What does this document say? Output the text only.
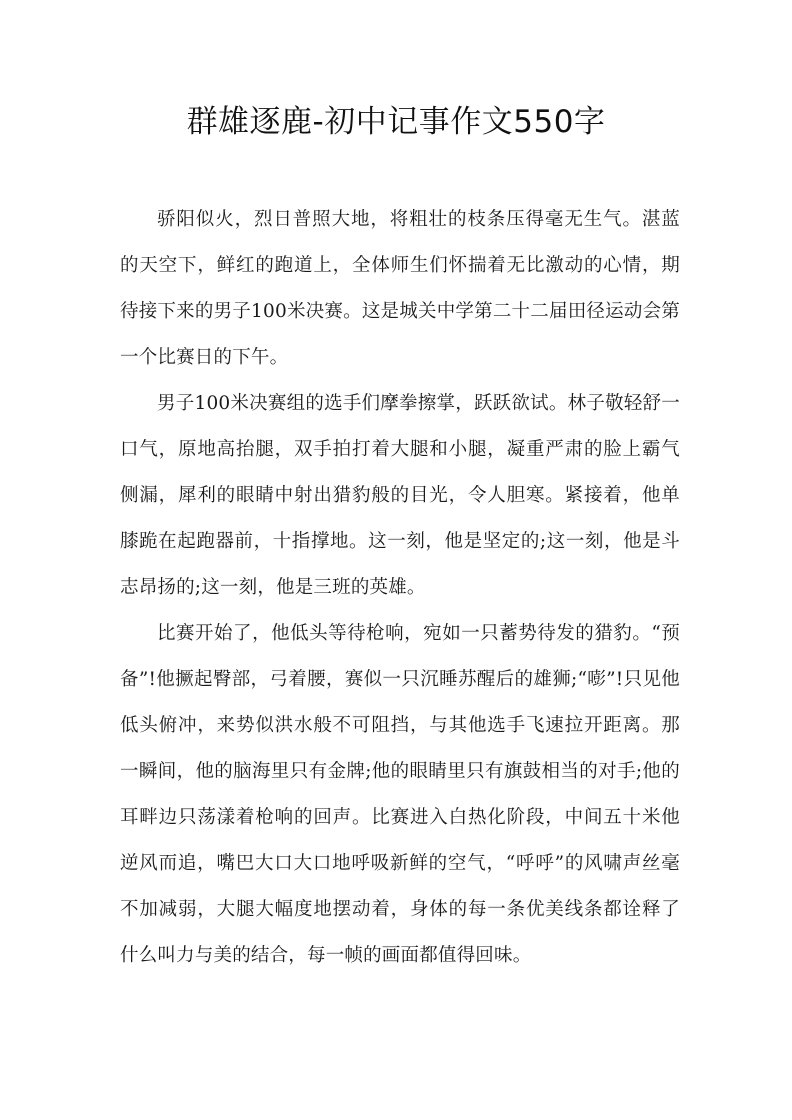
群雄逐鹿-初中记事作文550字

骄阳似火，烈日普照大地，将粗壮的枝条压得毫无生气。湛蓝的天空下，鲜红的跑道上，全体师生们怀揣着无比激动的心情，期待接下来的男子100米决赛。这是城关中学第二十二届田径运动会第一个比赛日的下午。

男子100米决赛组的选手们摩拳擦掌，跃跃欲试。林子敬轻舒一口气，原地高抬腿，双手拍打着大腿和小腿，凝重严肃的脸上霸气侧漏，犀利的眼睛中射出猎豹般的目光，令人胆寒。紧接着，他单膝跪在起跑器前，十指撑地。这一刻，他是坚定的;这一刻，他是斗志昂扬的;这一刻，他是三班的英雄。

比赛开始了，他低头等待枪响，宛如一只蓄势待发的猎豹。“预备”!他撅起臀部，弓着腰，赛似一只沉睡苏醒后的雄狮;“嘭”!只见他低头俯冲，来势似洪水般不可阻挡，与其他选手飞速拉开距离。那一瞬间，他的脑海里只有金牌;他的眼睛里只有旗鼓相当的对手;他的耳畔边只荡漾着枪响的回声。比赛进入白热化阶段，中间五十米他逆风而追，嘴巴大口大口地呼吸新鲜的空气，“呼呼”的风啸声丝毫不加减弱，大腿大幅度地摆动着，身体的每一条优美线条都诠释了什么叫力与美的结合，每一帧的画面都值得回味。
